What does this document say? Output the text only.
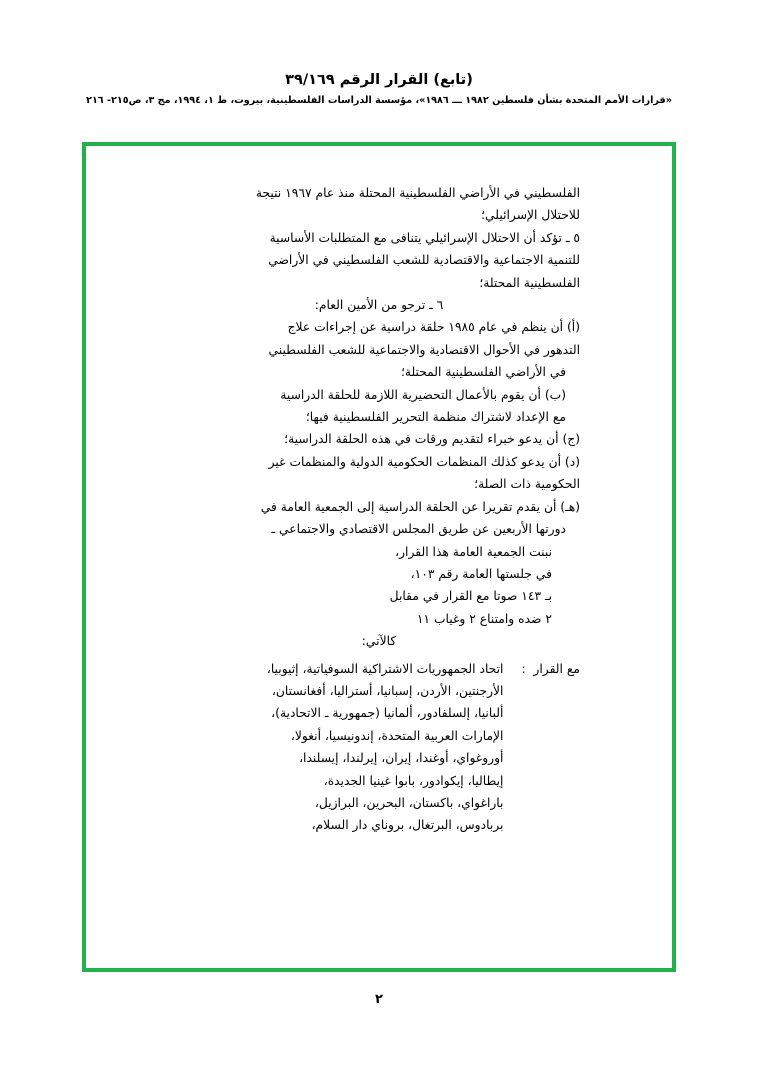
(تابع) القرار الرقم ٣٩/١٦٩
«قرارات الأمم المتحدة بشأن فلسطين ١٩٨٢ ـــ ١٩٨٦»، مؤسسة الدراسات الفلسطينية، بيروت، ط ١، ١٩٩٤، مج ٣، ص٢١٥- ٢١٦
الفلسطيني في الأراضي الفلسطينية المحتلة منذ عام ١٩٦٧ نتيجة
للاحتلال الإسرائيلي؛
٥ ـ تؤكد أن الاحتلال الإسرائيلي يتنافى مع المتطلبات الأساسية
للتنمية الاجتماعية والاقتصادية للشعب الفلسطيني في الأراضي
الفلسطينية المحتلة؛
٦ ـ ترجو من الأمين العام:
(أ) أن ينظم في عام ١٩٨٥ حلقة دراسية عن إجراءات علاج
التدهور في الأحوال الاقتصادية والاجتماعية للشعب الفلسطيني
في الأراضي الفلسطينية المحتلة؛
(ب) أن يقوم بالأعمال التحضيرية اللازمة للحلقة الدراسية
مع الإعداد لاشتراك منظمة التحرير الفلسطينية فيها؛
(ج) أن يدعو خبراء لتقديم ورقات في هذه الحلقة الدراسية؛
(د) أن يدعو كذلك المنظمات الحكومية الدولية والمنظمات غير
الحكومية ذات الصلة؛
(هـ) أن يقدم تقريرا عن الحلقة الدراسية إلى الجمعية العامة في
دورتها الأربعين عن طريق المجلس الاقتصادي والاجتماعي ـ
نبنت الجمعية العامة هذا القرار،
في جلستها العامة رقم ١٠٣،
بـ ١٤٣ صوتا مع القرار في مقابل
٢ ضده وامتناع ٢ وغياب ١١
كالآتي:
مع القرار  :
اتحاد الجمهوريات الاشتراكية السوفياتية، إثيوبيا،
الأرجنتين، الأردن، إسبانيا، أستراليا، أفغانستان،
ألبانيا، إلسلفادور، ألمانيا (جمهورية ـ الاتحادية)،
الإمارات العربية المتحدة، إندونيسيا، أنغولا،
أوروغواي، أوغندا، إيران، إيرلندا، إيسلندا،
إيطاليا، إيكوادور، بابوا غينيا الجديدة،
باراغواي، باكستان، البحرين، البرازيل،
بربادوس، البرتغال، بروناي دار السلام،
٢
